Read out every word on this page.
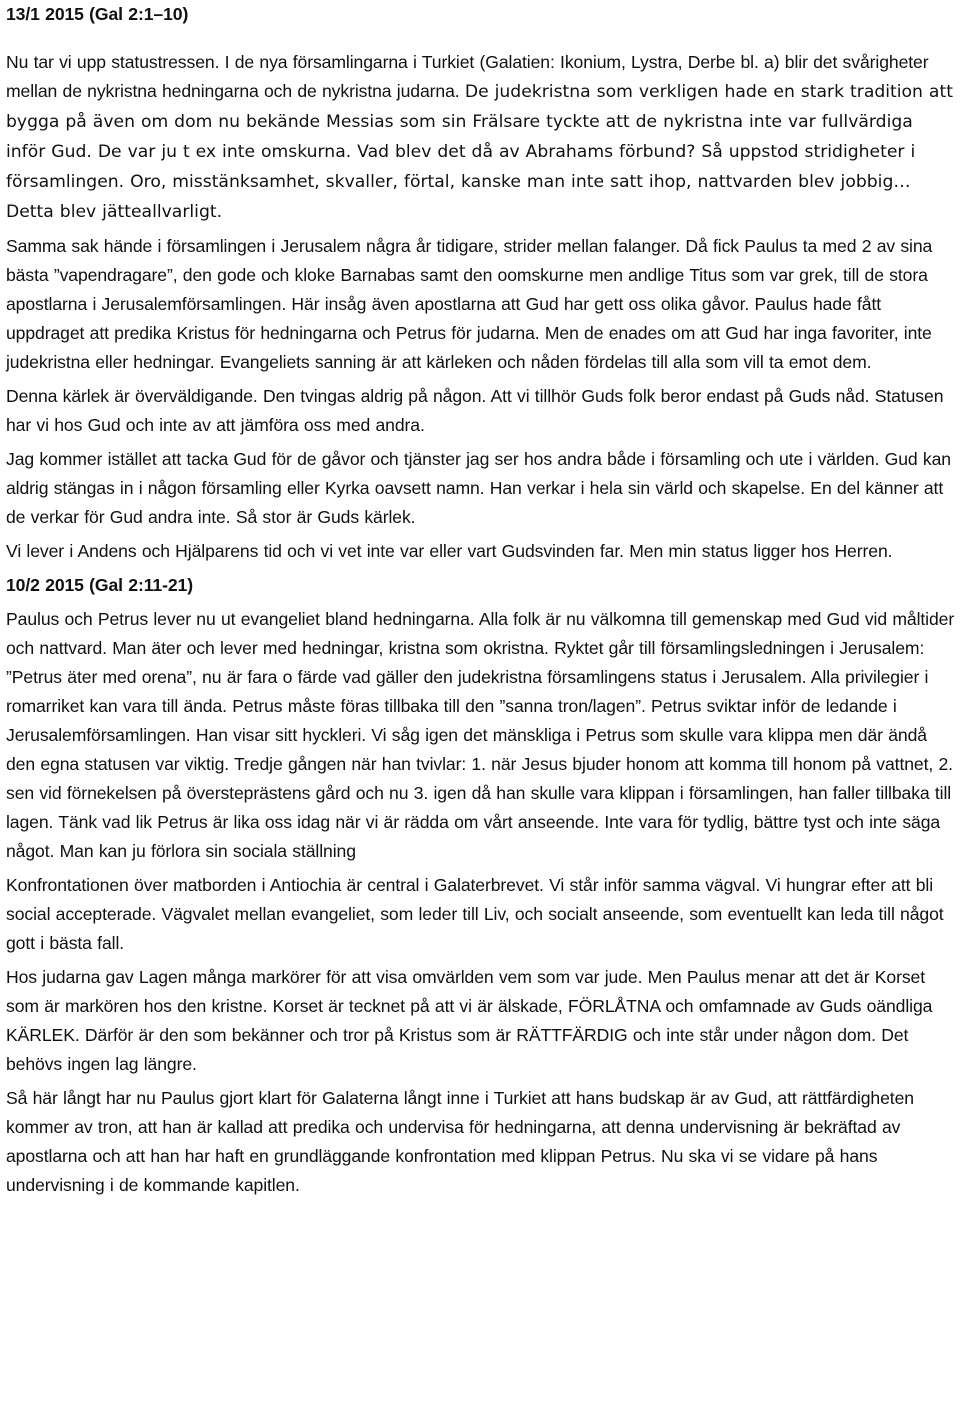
13/1 2015 (Gal 2:1–10)

Nu tar vi upp statustressen. I de nya församlingarna i Turkiet (Galatien: Ikonium, Lystra, Derbe bl. a) blir det svårigheter mellan de nykristna hedningarna och de nykristna judarna. De judekristna som verkligen hade en stark tradition att bygga på även om dom nu bekände Messias som sin Frälsare tyckte att de nykristna inte var fullvärdiga inför Gud. De var ju t ex inte omskurna. Vad blev det då av Abrahams förbund? Så uppstod stridigheter i församlingen. Oro, misstänksamhet, skvaller, förtal, kanske man inte satt ihop, nattvarden blev jobbig… Detta blev jätteallvarligt.

Samma sak hände i församlingen i Jerusalem några år tidigare, strider mellan falanger. Då fick Paulus ta med 2 av sina bästa ”vapendragare”, den gode och kloke Barnabas samt den oomskurne men andlige Titus som var grek, till de stora apostlarna i Jerusalemförsamlingen. Här insåg även apostlarna att Gud har gett oss olika gåvor. Paulus hade fått uppdraget att predika Kristus för hedningarna och Petrus för judarna. Men de enades om att Gud har inga favoriter, inte judekristna eller hedningar. Evangeliets sanning är att kärleken och nåden fördelas till alla som vill ta emot dem.

Denna kärlek är överväldigande. Den tvingas aldrig på någon. Att vi tillhör Guds folk beror endast på Guds nåd. Statusen har vi hos Gud och inte av att jämföra oss med andra.

Jag kommer istället att tacka Gud för de gåvor och tjänster jag ser hos andra både i församling och ute i världen. Gud kan aldrig stängas in i någon församling eller Kyrka oavsett namn. Han verkar i hela sin värld och skapelse. En del känner att de verkar för Gud andra inte. Så stor är Guds kärlek.

Vi lever i Andens och Hjälparens tid och vi vet inte var eller vart Gudsvinden far. Men min status ligger hos Herren.

10/2 2015 (Gal 2:11-21)

Paulus och Petrus lever nu ut evangeliet bland hedningarna. Alla folk är nu välkomna till gemenskap med Gud vid måltider och nattvard. Man äter och lever med hedningar, kristna som okristna. Ryktet går till församlingsledningen i Jerusalem: ”Petrus äter med orena”, nu är fara o färde vad gäller den judekristna församlingens status i Jerusalem. Alla privilegier i romarriket kan vara till ända. Petrus måste föras tillbaka till den ”sanna tron/lagen”. Petrus sviktar inför de ledande i Jerusalemförsamlingen. Han visar sitt hyckleri. Vi såg igen det mänskliga i Petrus som skulle vara klippa men där ändå den egna statusen var viktig. Tredje gången när han tvivlar: 1. när Jesus bjuder honom att komma till honom på vattnet, 2. sen vid förnekelsen på översteprästens gård och nu 3. igen då han skulle vara klippan i församlingen, han faller tillbaka till lagen. Tänk vad lik Petrus är lika oss idag när vi är rädda om vårt anseende. Inte vara för tydlig, bättre tyst och inte säga något. Man kan ju förlora sin sociala ställning

Konfrontationen över matborden i Antiochia är central i Galaterbrevet. Vi står inför samma vägval. Vi hungrar efter att bli social accepterade. Vägvalet mellan evangeliet, som leder till Liv, och socialt anseende, som eventuellt kan leda till något gott i bästa fall.

Hos judarna gav Lagen många markörer för att visa omvärlden vem som var jude. Men Paulus menar att det är Korset som är markören hos den kristne. Korset är tecknet på att vi är älskade, FÖRLÅTNA och omfamnade av Guds oändliga KÄRLEK. Därför är den som bekänner och tror på Kristus som är RÄTTFÄRDIG och inte står under någon dom. Det behövs ingen lag längre.

Så här långt har nu Paulus gjort klart för Galaterna långt inne i Turkiet att hans budskap är av Gud, att rättfärdigheten kommer av tron, att han är kallad att predika och undervisa för hedningarna, att denna undervisning är bekräftad av apostlarna och att han har haft en grundläggande konfrontation med klippan Petrus. Nu ska vi se vidare på hans undervisning i de kommande kapitlen.
